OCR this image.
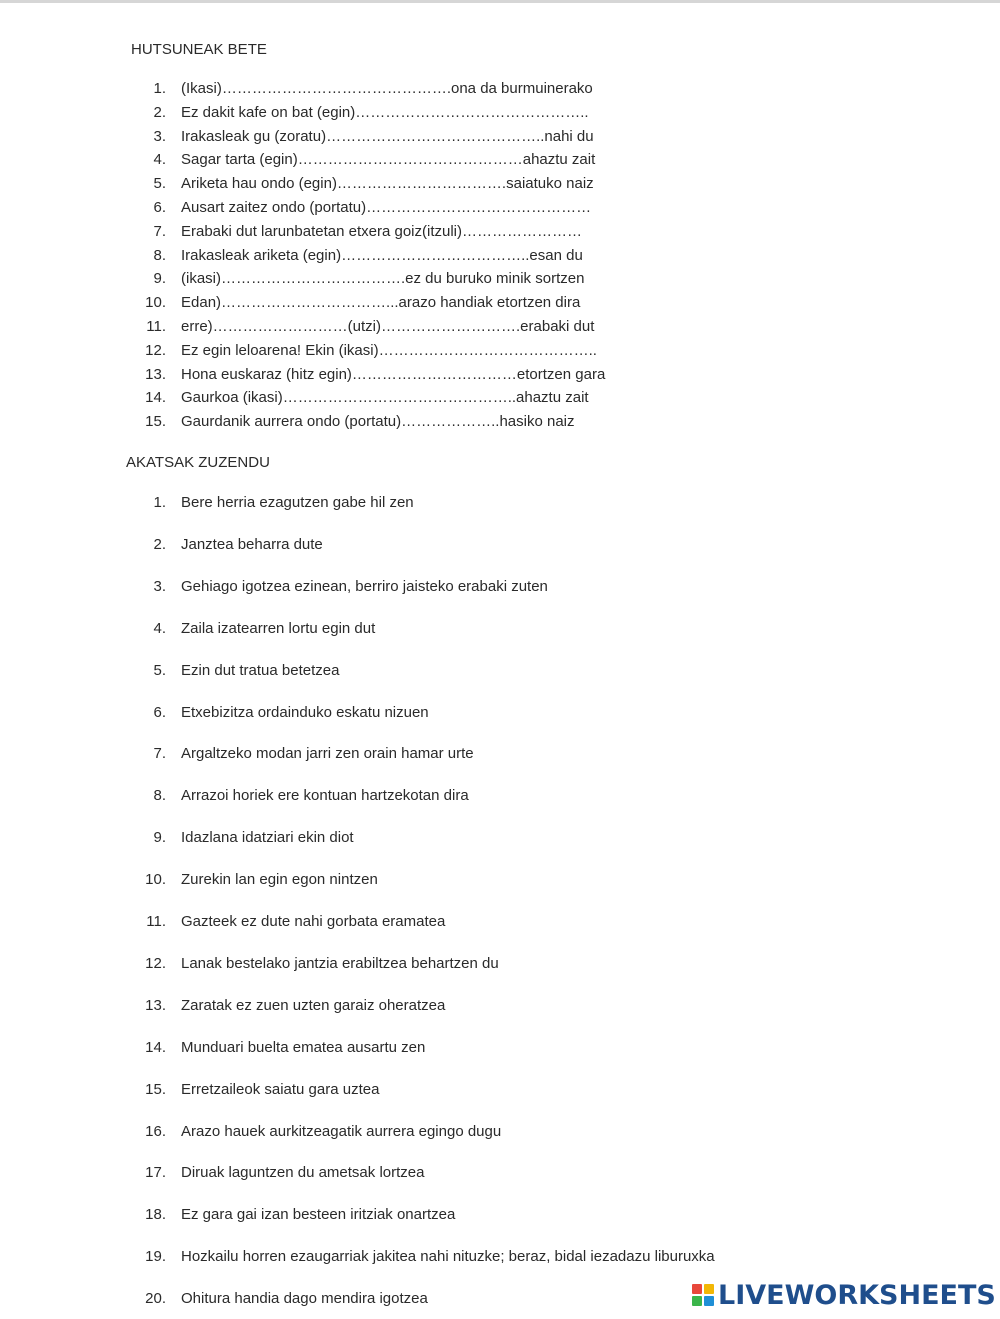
HUTSUNEAK BETE
1. (Ikasi)……………………………………….ona da burmuinerako
2. Ez dakit kafe on bat (egin)………………………………………..
3. Irakasleak gu (zoratu)……………………………………..nahi du
4. Sagar tarta (egin)………………………………………ahaztu zait
5. Ariketa hau ondo (egin)…………………………….saiatuko naiz
6. Ausart zaitez ondo (portatu)………………………………………
7. Erabaki dut larunbatetan etxera goiz(itzuli)……………………
8. Irakasleak ariketa (egin)………………………………..esan du
9. (ikasi)……………………………….ez du buruko minik sortzen
10. Edan)……………………………...arazo handiak etortzen dira
11. erre)………………………(utzi)……………………….erabaki dut
12. Ez egin leloarena! Ekin (ikasi)……………………………………..
13. Hona euskaraz (hitz egin)……………………………etortzen gara
14. Gaurkoa (ikasi)………………………………………..ahaztu zait
15. Gaurdanik aurrera ondo (portatu)………………..hasiko naiz
AKATSAK ZUZENDU
1. Bere herria ezagutzen gabe hil zen
2. Janztea beharra dute
3. Gehiago igotzea ezinean, berriro jaisteko erabaki zuten
4. Zaila izatearren lortu egin dut
5. Ezin dut tratua betetzea
6. Etxebizitza ordainduko eskatu nizuen
7. Argaltzeko modan jarri zen orain hamar urte
8. Arrazoi horiek ere kontuan hartzekotan dira
9. Idazlana idatziari ekin diot
10. Zurekin lan egin egon nintzen
11. Gazteek ez dute nahi gorbata eramatea
12. Lanak bestelako jantzia erabiltzea behartzen du
13. Zaratak ez zuen uzten garaiz oheratzea
14. Munduari buelta ematea ausartu zen
15. Erretzaileok saiatu gara uztea
16. Arazo hauek aurkitzeagatik aurrera egingo dugu
17. Diruak laguntzen du ametsak lortzea
18. Ez gara gai izan besteen iritziak onartzea
19. Hozkailu horren ezaugarriak jakitea nahi nituzke; beraz, bidal iezadazu liburuxka
20. Ohitura handia dago mendira igotzea	LIVEWORKSHEETS
